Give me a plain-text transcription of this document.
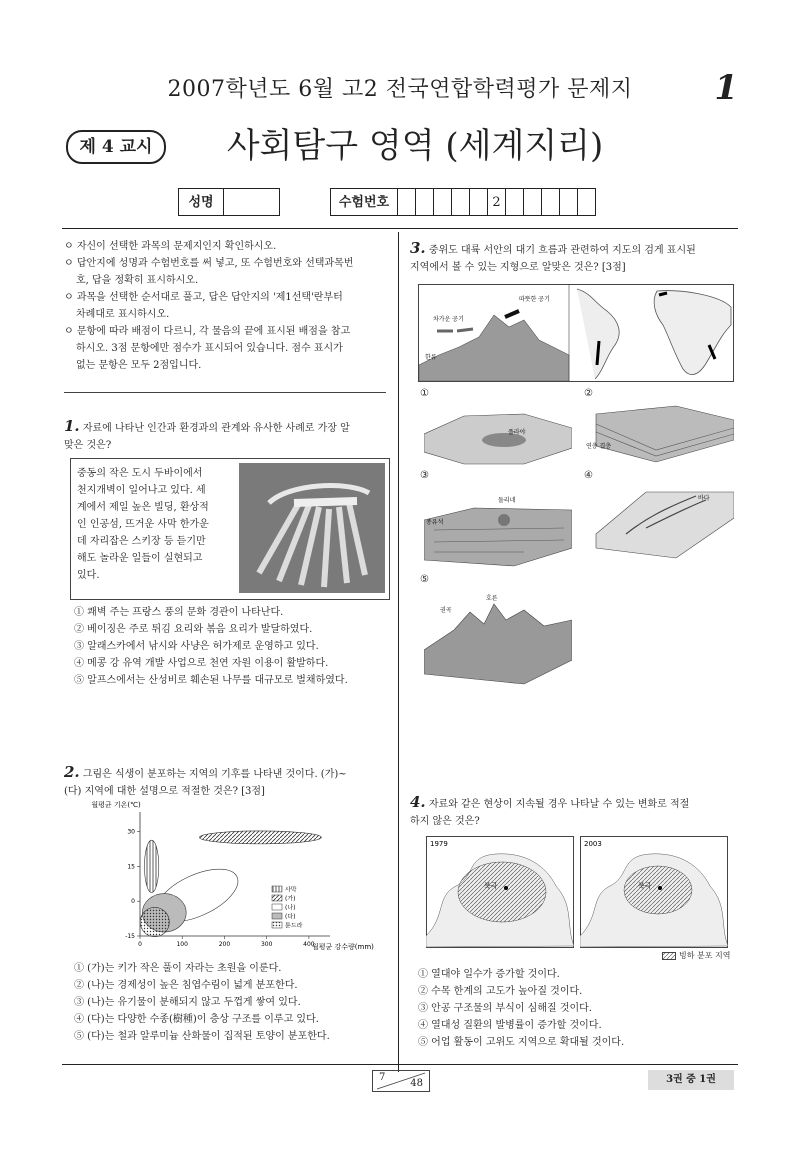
2007학년도 6월 고2 전국연합학력평가 문제지	1
제 4 교시	사회탐구 영역 (세계지리)
성명	수험번호	2
ㅇ 자신이 선택한 과목의 문제지인지 확인하시오.
ㅇ 답안지에 성명과 수험번호를 써 넣고, 또 수험번호와 선택과목번
호, 답을 정확히 표시하시오.
ㅇ 과목을 선택한 순서대로 풀고, 답은 답안지의 '제1선택'란부터
차례대로 표시하시오.
ㅇ 문항에 따라 배점이 다르니, 각 물음의 끝에 표시된 배점을 참고
하시오. 3점 문항에만 점수가 표시되어 있습니다. 점수 표시가
없는 문항은 모두 2점입니다.
1. 자료에 나타난 인간과 환경과의 관계와 유사한 사례로 가장 알
맞은 것은?
중동의 작은 도시 두바이에서
천지개벽이 일어나고 있다. 세
계에서 제일 높은 빌딩, 환상적
인 인공섬, 뜨거운 사막 한가운
데 자리잡은 스키장 등 듣기만
해도 놀라운 일들이 실현되고
있다.
① 쾌벽 주는 프랑스 풍의 문화 경관이 나타난다.
② 베이징은 주로 튀김 요리와 볶음 요리가 발달하였다.
③ 알래스카에서 낚시와 사냥은 허가제로 운영하고 있다.
④ 메콩 강 유역 개발 사업으로 천연 자원 이용이 활발하다.
⑤ 알프스에서는 산성비로 훼손된 나무를 대규모로 벌채하였다.
2. 그림은 식생이 분포하는 지역의 기후를 나타낸 것이다. (가)~
(다) 지역에 대한 설명으로 적절한 것은? [3점]
월평균 기온(℃)
0	100	200	300	400
30
15
0
-15
월평균 강수량(mm)
사막
(가)
(나)
(다)
툰드라
① (가)는 키가 작은 풀이 자라는 초원을 이룬다.
② (나)는 경제성이 높은 침엽수림이 넓게 분포한다.
③ (나)는 유기물이 분해되지 않고 두껍게 쌓여 있다.
④ (다)는 다양한 수종(樹種)이 층상 구조를 이루고 있다.
⑤ (다)는 철과 알루미늄 산화물이 집적된 토양이 분포한다.
3. 중위도 대륙 서안의 대기 흐름과 관련하여 지도의 검게 표시된
지역에서 볼 수 있는 지형으로 알맞은 것은? [3점]
따뜻한 공기
차가운 공기
한류
①	②
플라야
연층 겹층
③	④
돌리네
종유석
바다
⑤
호른
권곡
4. 자료와 같은 현상이 지속될 경우 나타날 수 있는 변화로 적절
하지 않은 것은?
북극
1979
북극
2003
빙하 분포 지역
① 열대야 일수가 증가할 것이다.
② 수목 한계의 고도가 높아질 것이다.
③ 안공 구조물의 부식이 심해질 것이다.
④ 열대성 질환의 발병률이 증가할 것이다.
⑤ 어업 활동이 고위도 지역으로 확대될 것이다.
7
48	3권 중 1권
